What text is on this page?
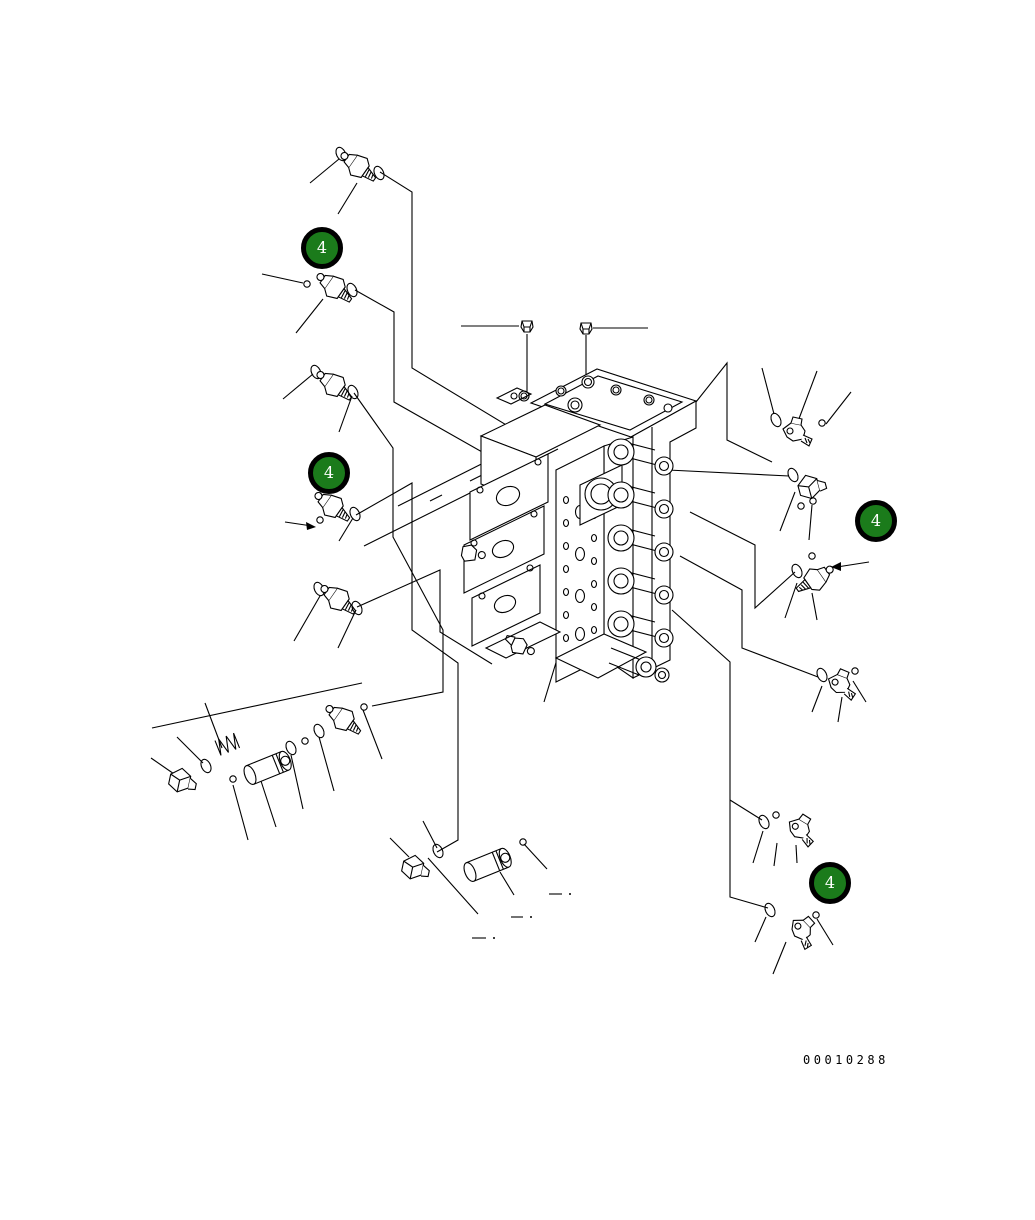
4
4
4
4
00010288
